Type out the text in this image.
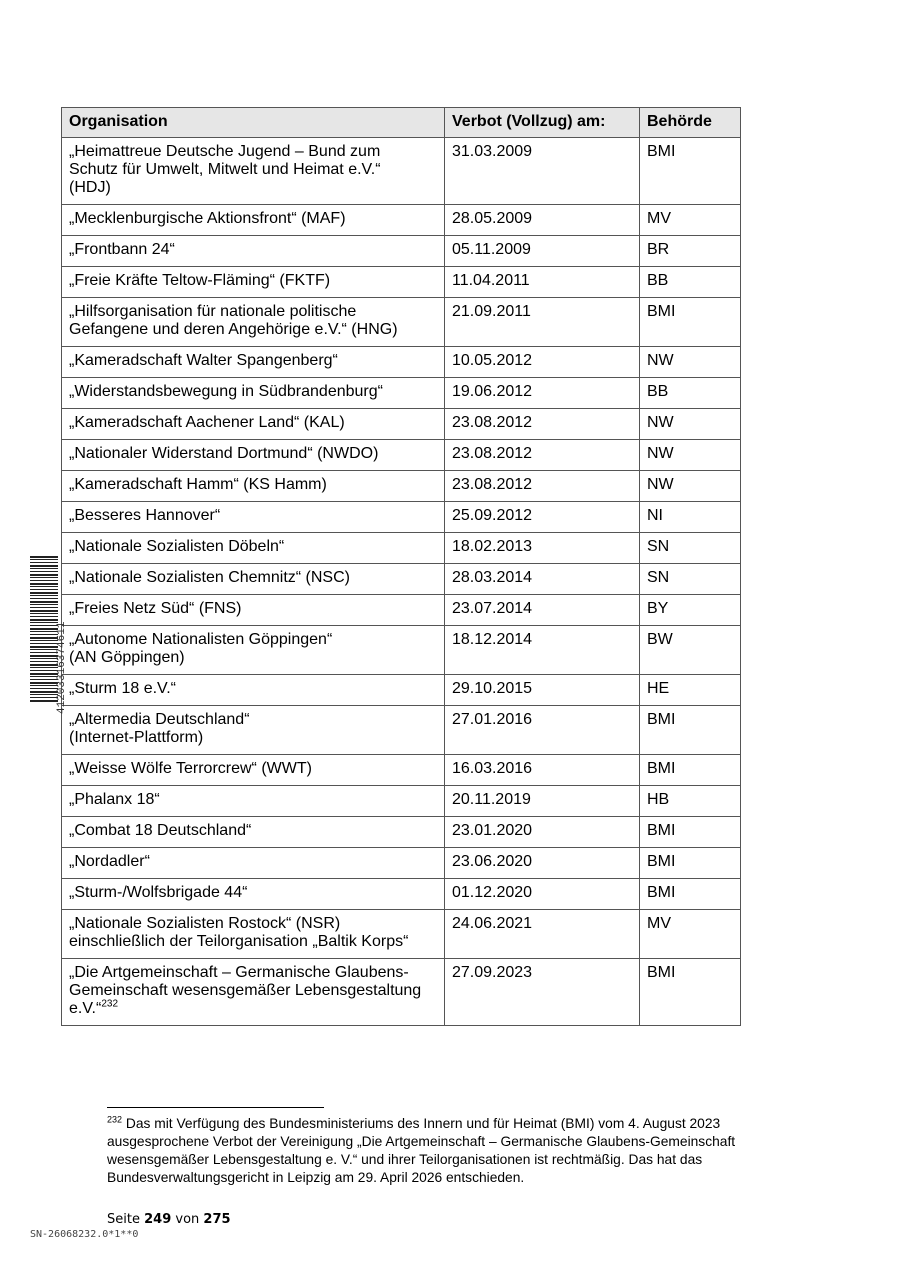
Organisation	Verbot (Vollzug) am:	Behörde
„Heimattreue Deutsche Jugend – Bund zum
Schutz für Umwelt, Mitwelt und Heimat e.V.“
(HDJ)	31.03.2009	BMI
„Mecklenburgische Aktionsfront“ (MAF)	28.05.2009	MV
„Frontbann 24“	05.11.2009	BR
„Freie Kräfte Teltow-Fläming“ (FKTF)	11.04.2011	BB
„Hilfsorganisation für nationale politische
Gefangene und deren Angehörige e.V.“ (HNG)	21.09.2011	BMI
„Kameradschaft Walter Spangenberg“	10.05.2012	NW
„Widerstandsbewegung in Südbrandenburg“	19.06.2012	BB
„Kameradschaft Aachener Land“ (KAL)	23.08.2012	NW
„Nationaler Widerstand Dortmund“ (NWDO)	23.08.2012	NW
„Kameradschaft Hamm“ (KS Hamm)	23.08.2012	NW
„Besseres Hannover“	25.09.2012	NI
„Nationale Sozialisten Döbeln“	18.02.2013	SN
„Nationale Sozialisten Chemnitz“ (NSC)	28.03.2014	SN
„Freies Netz Süd“ (FNS)	23.07.2014	BY
„Autonome Nationalisten Göppingen“
(AN Göppingen)	18.12.2014	BW
„Sturm 18 e.V.“	29.10.2015	HE
„Altermedia Deutschland“
(Internet-Plattform)	27.01.2016	BMI
„Weisse Wölfe Terrorcrew“ (WWT)	16.03.2016	BMI
„Phalanx 18“	20.11.2019	HB
„Combat 18 Deutschland“	23.01.2020	BMI
„Nordadler“	23.06.2020	BMI
„Sturm-/Wolfsbrigade 44“	01.12.2020	BMI
„Nationale Sozialisten Rostock“ (NSR)
einschließlich der Teilorganisation „Baltik Korps“	24.06.2021	MV
„Die Artgemeinschaft – Germanische Glaubens-
Gemeinschaft wesensgemäßer Lebensgestaltung
e.V.“$^{232}$	27.09.2023	BMI
41203316374611
$^{232}$ Das mit Verfügung des Bundesministeriums des Innern und für Heimat (BMI) vom 4. August 2023 ausgesprochene Verbot der Vereinigung „Die Artgemeinschaft – Germanische Glaubens-Gemeinschaft wesensgemäßer Lebensgestaltung e. V.“ und ihrer Teilorganisationen ist rechtmäßig. Das hat das Bundesverwaltungsgericht in Leipzig am 29. April 2026 entschieden.
Seite 249 von 275
SN-26068232.0*1**0
